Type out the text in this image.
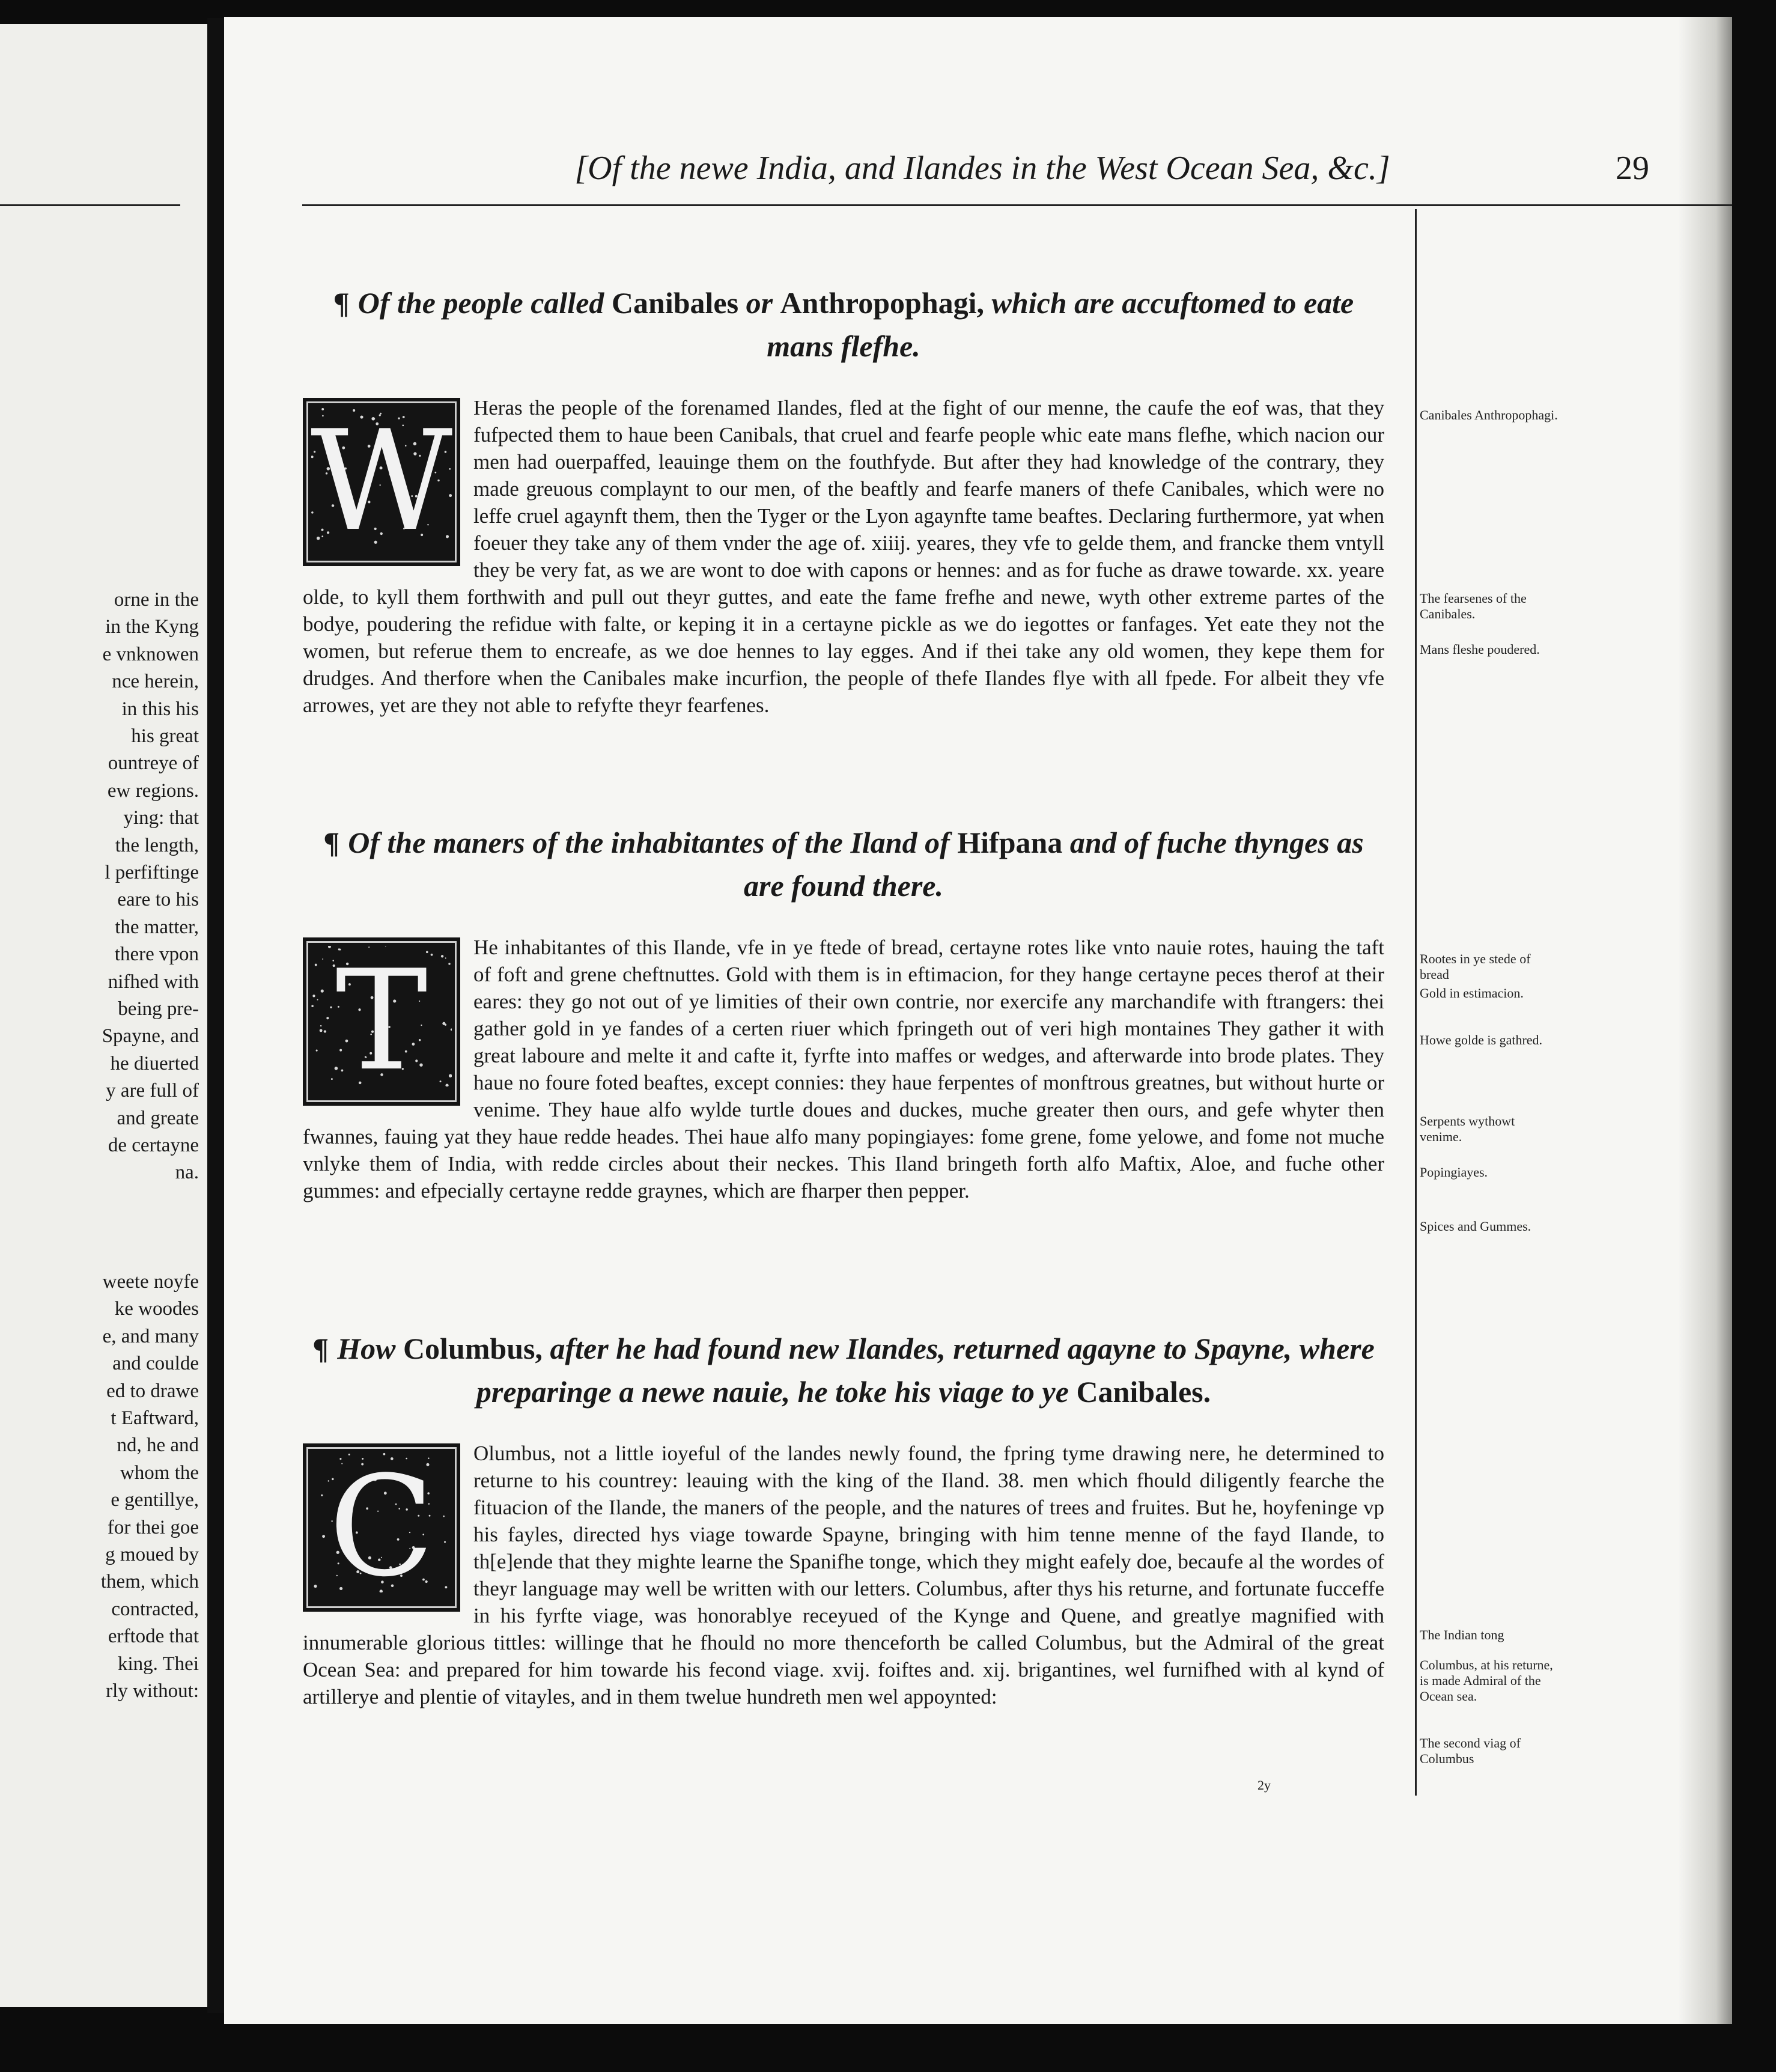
orne in the
in the Kyng
e vnknowen
nce herein,
in this his
his great
ountreye of
ew regions.
ying: that
the length,
l perfiftinge
eare to his
the matter,
there vpon
nifhed with
being pre-
Spayne, and
he diuerted
y are full of
and greate
de certayne
na.
weete noyfe
ke woodes
e, and many
and coulde
ed to drawe
t Eaftward,
nd, he and
whom the
e gentillye,
for thei goe
g moued by
them, which
contracted,
erftode that
king. Thei
rly without:
[Of the newe India, and Ilandes in the West Ocean Sea, &c.]	29
¶ Of the people called Canibales or Anthropophagi, which are accuftomed to eate mans flefhe.
W Heras the people of the forenamed Ilandes, fled at the fight of our menne, the caufe the eof was, that they fufpected them to haue been Canibals, that cruel and fearfe people whic eate mans flefhe, which nacion our men had ouerpaffed, leauinge them on the fouthfyde. But after they had knowledge of the contrary, they made greuous complaynt to our men, of the beaftly and fearfe maners of thefe Canibales, which were no leffe cruel agaynft them, then the Tyger or the Lyon agaynfte tame beaftes. Declaring furthermore, yat when foeuer they take any of them vnder the age of. xiiij. yeares, they vfe to gelde them, and francke them vntyll they be very fat, as we are wont to doe with capons or hennes: and as for fuche as drawe towarde. xx. yeare olde, to kyll them forthwith and pull out theyr guttes, and eate the fame frefhe and newe, wyth other extreme partes of the bodye, poudering the refidue with falte, or keping it in a certayne pickle as we do iegottes or fanfages. Yet eate they not the women, but referue them to encreafe, as we doe hennes to lay egges. And if thei take any old women, they kepe them for drudges. And therfore when the Canibales make incurfion, the people of thefe Ilandes flye with all fpede. For albeit they vfe arrowes, yet are they not able to refyfte theyr fearfenes.
¶ Of the maners of the inhabitantes of the Iland of Hifpana and of fuche thynges as are found there.
T	He inhabitantes of this Ilande, vfe in ye ftede of bread, certayne rotes like vnto nauie rotes, hauing the taft of foft and grene cheftnuttes. Gold with them is in eftimacion, for they hange certayne peces therof at their eares: they go not out of ye limities of their own contrie, nor exercife any marchandife with ftrangers: thei gather gold in ye fandes of a certen riuer which fpringeth out of veri high montaines They gather it with great laboure and melte it and cafte it, fyrfte into maffes or wedges, and afterwarde into brode plates. They haue no foure foted beaftes, except connies: they haue ferpentes of monftrous greatnes, but without hurte or venime. They haue alfo wylde turtle doues and duckes, muche greater then ours, and gefe whyter then fwannes, fauing yat they haue redde heades. Thei haue alfo many popingiayes: fome grene, fome yelowe, and fome not muche vnlyke them of India, with redde circles about their neckes. This Iland bringeth forth alfo Maftix, Aloe, and fuche other gummes: and efpecially certayne redde graynes, which are fharper then pepper.
¶ How Columbus, after he had found new Ilandes, returned agayne to Spayne, where preparinge a newe nauie, he toke his viage to ye Canibales.
C	Olumbus, not a little ioyeful of the landes newly found, the fpring tyme drawing nere, he determined to returne to his countrey: leauing with the king of the Iland. 38. men which fhould diligently fearche the fituacion of the Ilande, the maners of the people, and the natures of trees and fruites. But he, hoyfeninge vp his fayles, directed hys viage towarde Spayne, bringing with him tenne menne of the fayd Ilande, to th[e]ende that they mighte learne the Spanifhe tonge, which they might eafely doe, becaufe al the wordes of theyr language may well be written with our letters. Columbus, after thys his returne, and fortunate fucceffe in his fyrfte viage, was honorablye receyued of the Kynge and Quene, and greatlye magnified with innumerable glorious tittles: willinge that he fhould no more thenceforth be called Columbus, but the Admiral of the great Ocean Sea: and prepared for him towarde his fecond viage. xvij. foiftes and. xij. brigantines, wel furnifhed with al kynd of artillerye and plentie of vitayles, and in them twelue hundreth men wel appoynted:
Canibales Anthropophagi.
The fearsenes of the Canibales.
Mans fleshe poudered.
Rootes in ye stede of bread
Gold in estimacion.
Howe golde is gathred.
Serpents wythowt venime.
Popingiayes.
Spices and Gummes.
The Indian tong
Columbus, at his returne, is made Admiral of the Ocean sea.
The second viag of Columbus
2y
